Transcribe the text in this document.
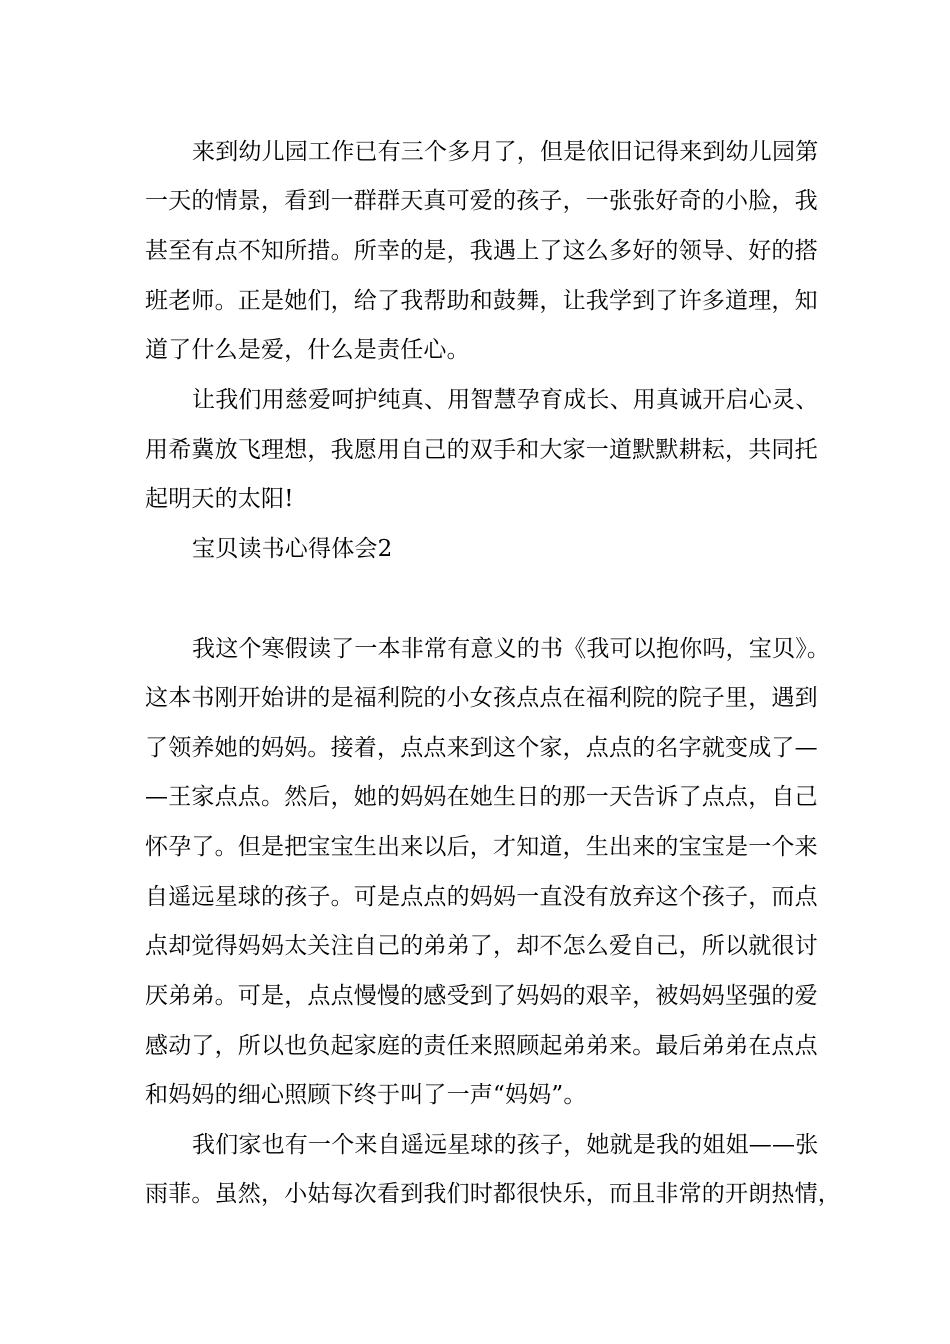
来到幼儿园工作已有三个多月了，但是依旧记得来到幼儿园第
一天的情景，看到一群群天真可爱的孩子，一张张好奇的小脸，我
甚至有点不知所措。所幸的是，我遇上了这么多好的领导、好的搭
班老师。正是她们，给了我帮助和鼓舞，让我学到了许多道理，知
道了什么是爱，什么是责任心。
让我们用慈爱呵护纯真、用智慧孕育成长、用真诚开启心灵、
用希冀放飞理想，我愿用自己的双手和大家一道默默耕耘，共同托
起明天的太阳!
宝贝读书心得体会2
我这个寒假读了一本非常有意义的书《我可以抱你吗，宝贝》。
这本书刚开始讲的是福利院的小女孩点点在福利院的院子里，遇到
了领养她的妈妈。接着，点点来到这个家，点点的名字就变成了—
—王家点点。然后，她的妈妈在她生日的那一天告诉了点点，自己
怀孕了。但是把宝宝生出来以后，才知道，生出来的宝宝是一个来
自遥远星球的孩子。可是点点的妈妈一直没有放弃这个孩子，而点
点却觉得妈妈太关注自己的弟弟了，却不怎么爱自己，所以就很讨
厌弟弟。可是，点点慢慢的感受到了妈妈的艰辛，被妈妈坚强的爱
感动了，所以也负起家庭的责任来照顾起弟弟来。最后弟弟在点点
和妈妈的细心照顾下终于叫了一声“妈妈”。
我们家也有一个来自遥远星球的孩子，她就是我的姐姐——张
雨菲。虽然，小姑每次看到我们时都很快乐，而且非常的开朗热情，
